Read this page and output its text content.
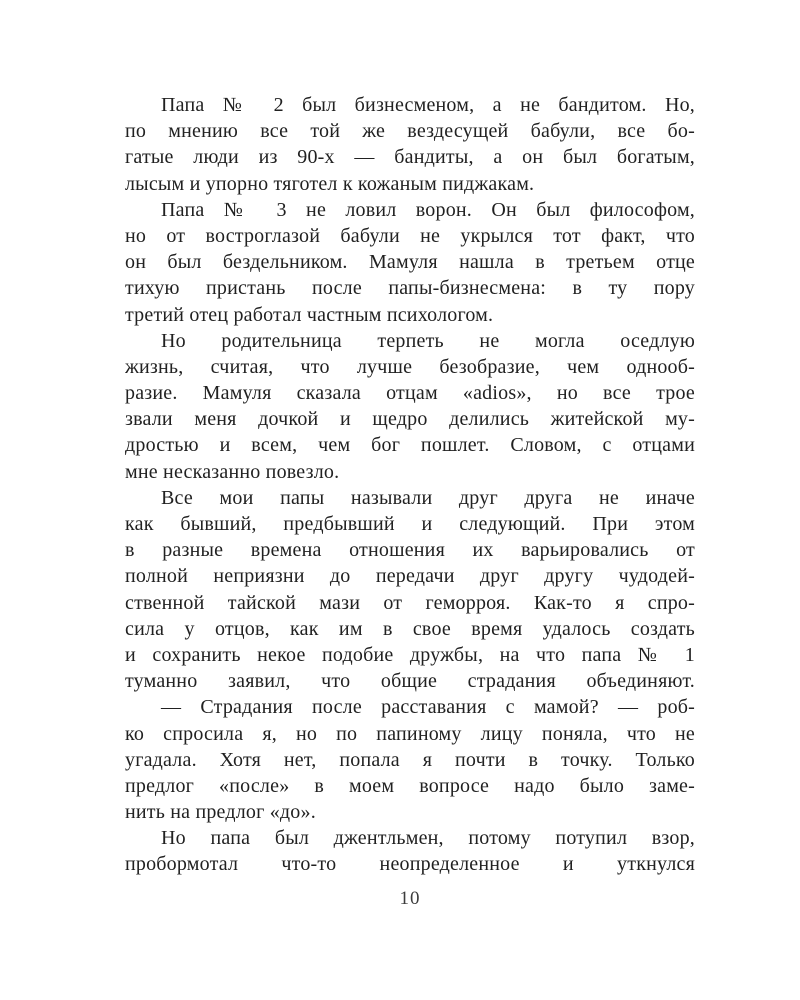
Папа № 2 был бизнесменом, а не бандитом. Но,
по мнению все той же вездесущей бабули, все бо-
гатые люди из 90-х — бандиты, а он был богатым,
лысым и упорно тяготел к кожаным пиджакам.
Папа № 3 не ловил ворон. Он был философом,
но от востроглазой бабули не укрылся тот факт, что
он был бездельником. Мамуля нашла в третьем отце
тихую пристань после папы-бизнесмена: в ту пору
третий отец работал частным психологом.
Но родительница терпеть не могла оседлую
жизнь, считая, что лучше безобразие, чем однооб-
разие. Мамуля сказала отцам «adios», но все трое
звали меня дочкой и щедро делились житейской му-
дростью и всем, чем бог пошлет. Словом, с отцами
мне несказанно повезло.
Все мои папы называли друг друга не иначе
как бывший, предбывший и следующий. При этом
в разные времена отношения их варьировались от
полной неприязни до передачи друг другу чудодей-
ственной тайской мази от геморроя. Как-то я спро-
сила у отцов, как им в свое время удалось создать
и сохранить некое подобие дружбы, на что папа № 1
туманно заявил, что общие страдания объединяют.
— Страдания после расставания с мамой? — роб-
ко спросила я, но по папиному лицу поняла, что не
угадала. Хотя нет, попала я почти в точку. Только
предлог «после» в моем вопросе надо было заме-
нить на предлог «до».
Но папа был джентльмен, потому потупил взор,
пробормотал что-то неопределенное и уткнулся
10
